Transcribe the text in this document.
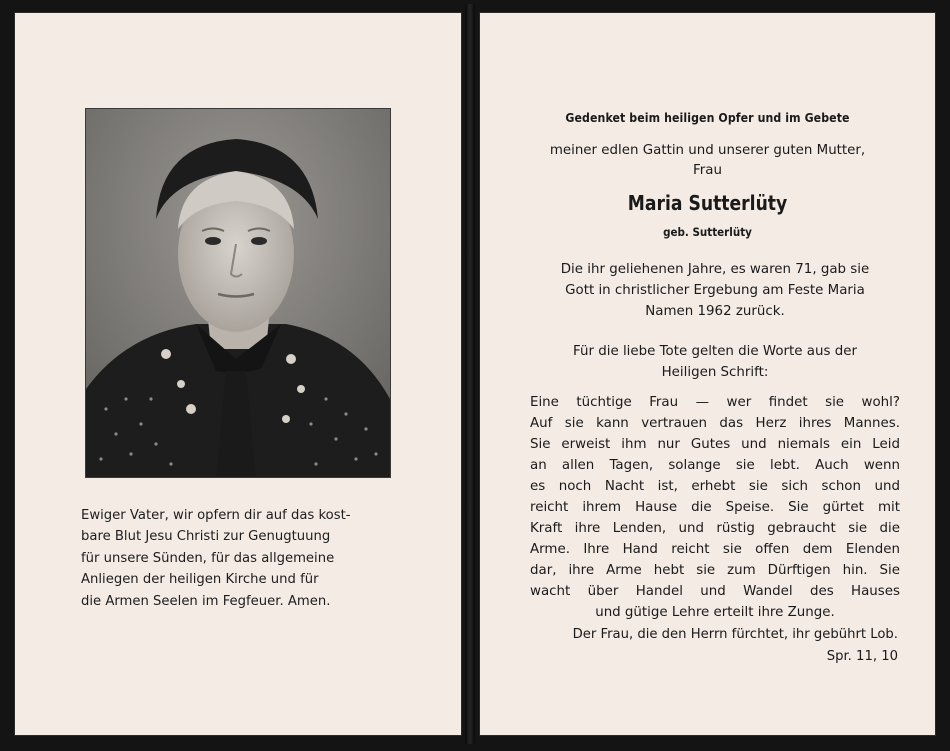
Ewiger Vater, wir opfern dir auf das kost-
bare Blut Jesu Christi zur Genugtuung
für unsere Sünden, für das allgemeine
Anliegen der heiligen Kirche und für
die Armen Seelen im Fegfeuer. Amen.
Gedenket beim heiligen Opfer und im Gebete
meiner edlen Gattin und unserer guten Mutter,
Frau
Maria Sutterlüty
geb. Sutterlüty
Die ihr geliehenen Jahre, es waren 71, gab sie
Gott in christlicher Ergebung am Feste Maria
Namen 1962 zurück.
Für die liebe Tote gelten die Worte aus der
Heiligen Schrift:
Eine tüchtige Frau — wer findet sie wohl?
Auf sie kann vertrauen das Herz ihres Mannes.
Sie erweist ihm nur Gutes und niemals ein Leid
an allen Tagen, solange sie lebt. Auch wenn
es noch Nacht ist, erhebt sie sich schon und
reicht ihrem Hause die Speise. Sie gürtet mit
Kraft ihre Lenden, und rüstig gebraucht sie die
Arme. Ihre Hand reicht sie offen dem Elenden
dar, ihre Arme hebt sie zum Dürftigen hin. Sie
wacht über Handel und Wandel des Hauses
und gütige Lehre erteilt ihre Zunge.
Der Frau, die den Herrn fürchtet, ihr gebührt Lob.
Spr. 11, 10
